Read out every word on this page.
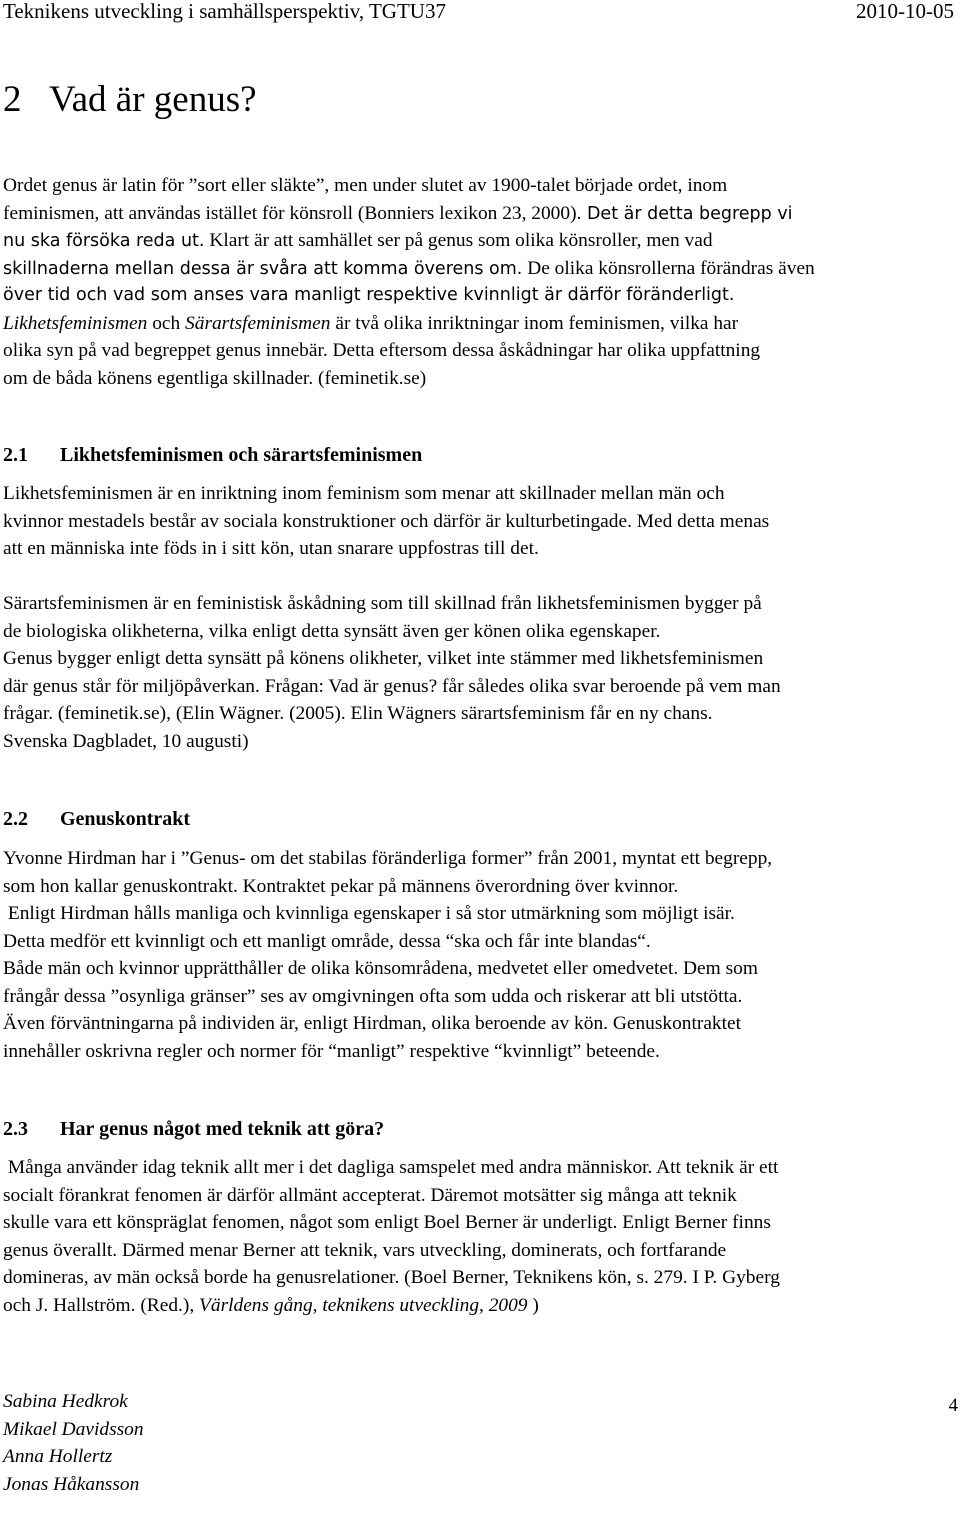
Teknikens utveckling i samhällsperspektiv, TGTU37	2010-10-05
2 Vad är genus?
Ordet genus är latin för ”sort eller släkte”, men under slutet av 1900-talet började ordet, inom
feminismen, att användas istället för könsroll (Bonniers lexikon 23, 2000). Det är detta begrepp vi
nu ska försöka reda ut. Klart är att samhället ser på genus som olika könsroller, men vad
skillnaderna mellan dessa är svåra att komma överens om. De olika könsrollerna förändras även
över tid och vad som anses vara manligt respektive kvinnligt är därför föränderligt.
Likhetsfeminismen och Särartsfeminismen är två olika inriktningar inom feminismen, vilka har
olika syn på vad begreppet genus innebär. Detta eftersom dessa åskådningar har olika uppfattning
om de båda könens egentliga skillnader. (feminetik.se)
2.1 Likhetsfeminismen och särartsfeminismen
Likhetsfeminismen är en inriktning inom feminism som menar att skillnader mellan män och
kvinnor mestadels består av sociala konstruktioner och därför är kulturbetingade. Med detta menas
att en människa inte föds in i sitt kön, utan snarare uppfostras till det.
Särartsfeminismen är en feministisk åskådning som till skillnad från likhetsfeminismen bygger på
de biologiska olikheterna, vilka enligt detta synsätt även ger könen olika egenskaper.
Genus bygger enligt detta synsätt på könens olikheter, vilket inte stämmer med likhetsfeminismen
där genus står för miljöpåverkan. Frågan: Vad är genus? får således olika svar beroende på vem man
frågar. (feminetik.se), (Elin Wägner. (2005). Elin Wägners särartsfeminism får en ny chans.
Svenska Dagbladet, 10 augusti)
2.2 Genuskontrakt
Yvonne Hirdman har i ”Genus- om det stabilas föränderliga former” från 2001, myntat ett begrepp,
som hon kallar genuskontrakt. Kontraktet pekar på männens överordning över kvinnor.
Enligt Hirdman hålls manliga och kvinnliga egenskaper i så stor utmärkning som möjligt isär.
Detta medför ett kvinnligt och ett manligt område, dessa “ska och får inte blandas“.
Både män och kvinnor upprätthåller de olika könsområdena, medvetet eller omedvetet. Dem som
frångår dessa ”osynliga gränser” ses av omgivningen ofta som udda och riskerar att bli utstötta.
Även förväntningarna på individen är, enligt Hirdman, olika beroende av kön. Genuskontraktet
innehåller oskrivna regler och normer för “manligt” respektive “kvinnligt” beteende.
2.3 Har genus något med teknik att göra?
Många använder idag teknik allt mer i det dagliga samspelet med andra människor. Att teknik är ett
socialt förankrat fenomen är därför allmänt accepterat. Däremot motsätter sig många att teknik
skulle vara ett könspräglat fenomen, något som enligt Boel Berner är underligt. Enligt Berner finns
genus överallt. Därmed menar Berner att teknik, vars utveckling, dominerats, och fortfarande
domineras, av män också borde ha genusrelationer. (Boel Berner, Teknikens kön, s. 279. I P. Gyberg
och J. Hallström. (Red.), Världens gång, teknikens utveckling, 2009 )
4
Sabina Hedkrok
Mikael Davidsson
Anna Hollertz
Jonas Håkansson
